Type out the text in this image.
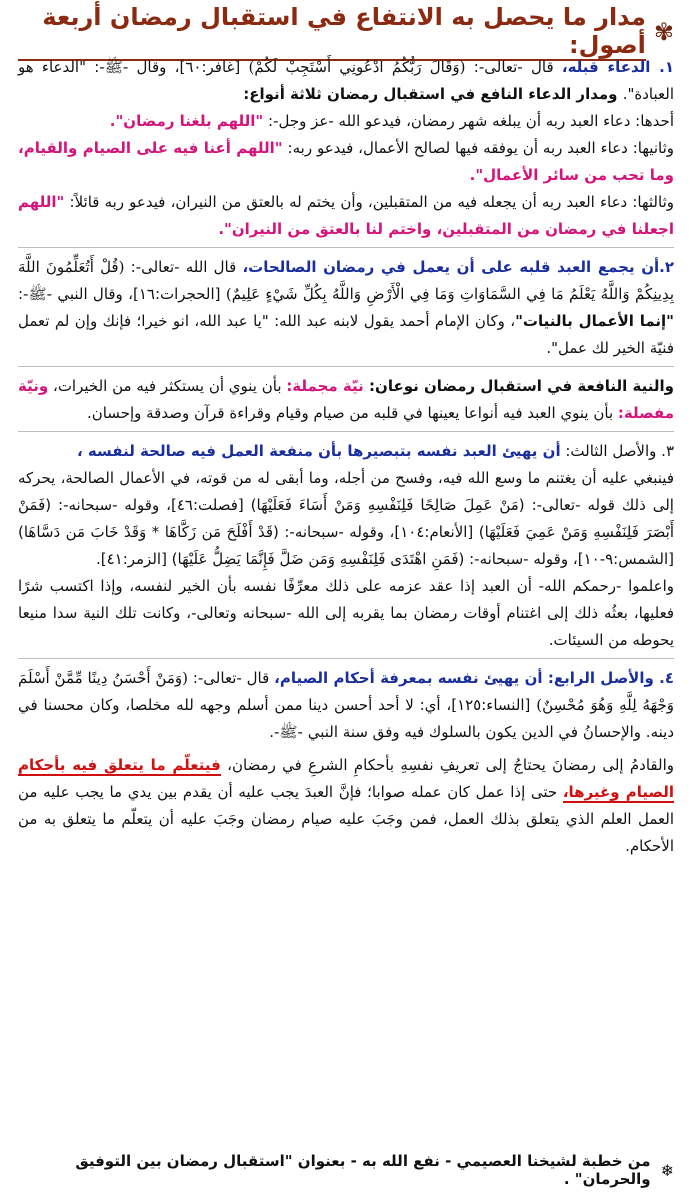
✾
مدار ما يحصل به الانتفاع في استقبال رمضان أربعة أصول:

١. الدعاء قبله، قال -تعالى-: (وَقَالَ رَبُّكُمُ ادْعُونِي أَسْتَجِبْ لَكُمْ) [غافر:٦٠]، وقال -ﷺ-: "الدعاء هو العبادة". ومدار الدعاء النافع في استقبال رمضان ثلاثة أنواع:

أحدها: دعاء العبد ربه أن يبلغه شهر رمضان، فيدعو الله -عز وجل-: "اللهم بلغنا رمضان".

وثانيها: دعاء العبد ربه أن يوفقه فيها لصالح الأعمال، فيدعو ربه: "اللهم أعنا فيه على الصيام والقيام، وما تحب من سائر الأعمال".

وثالثها: دعاء العبد ربه أن يجعله فيه من المتقبلين، وأن يختم له بالعتق من النيران، فيدعو ربه قائلاً: "اللهم اجعلنا في رمضان من المتقبلين، واختم لنا بالعتق من النيران".

٢.أن يجمع العبد قلبه على أن يعمل في رمضان الصالحات، قال الله -تعالى-: (قُلْ أَتُعَلِّمُونَ اللَّهَ بِدِينِكُمْ وَاللَّهُ يَعْلَمُ مَا فِي السَّمَاوَاتِ وَمَا فِي الْأَرْضِ وَاللَّهُ بِكُلِّ شَيْءٍ عَلِيمٌ) [الحجرات:١٦]، وقال النبي -ﷺ-: "إنما الأعمال بالنيات"، وكان الإمام أحمد يقول لابنه عبد الله: "يا عبد الله، انو خيرا؛ فإنك وإن لم تعمل فنيّة الخير لك عمل".

والنية النافعة في استقبال رمضان نوعان: نيّة مجملة: بأن ينوي أن يستكثر فيه من الخيرات، ونيّة مفصلة: بأن ينوي العبد فيه أنواعا يعينها في قلبه من صيام وقيام وقراءة قرآن وصدقة وإحسان.

٣. والأصل الثالث: أن يهيئ العبد نفسه بتبصيرها بأن منفعة العمل فيه صالحة لنفسه ،

فينبغي عليه أن يغتنم ما وسع الله فيه، وفسح من أجله، وما أبقى له من قوته، في الأعمال الصالحة، يحركه إلى ذلك قوله -تعالى-: (مَنْ عَمِلَ صَالِحًا فَلِنَفْسِهِ وَمَنْ أَسَاءَ فَعَلَيْهَا) [فصلت:٤٦]، وقوله -سبحانه-: (فَمَنْ أَبْصَرَ فَلِنَفْسِهِ وَمَنْ عَمِيَ فَعَلَيْهَا) [الأنعام:١٠٤]، وقوله -سبحانه-: (قَدْ أَفْلَحَ مَن زَكَّاهَا * وَقَدْ خَابَ مَن دَسَّاهَا) [الشمس:٩-١٠]، وقوله -سبحانه-: (فَمَنِ اهْتَدَى فَلِنَفْسِهِ وَمَن ضَلَّ فَإِنَّمَا يَضِلُّ عَلَيْهَا) [الزمر:٤١].

واعلموا -رحمكم الله- أن العبد إذا عقد عزمه على ذلك معرِّفًا نفسه بأن الخير لنفسه، وإذا اكتسب شرًا فعليها، بعثُه ذلك إلى اغتنام أوقات رمضان بما يقربه إلى الله -سبحانه وتعالى-، وكانت تلك النية سدا منيعا يحوطه من السيئات.

٤. والأصل الرابع: أن يهيئ نفسه بمعرفة أحكام الصيام، قال -تعالى-: (وَمَنْ أَحْسَنُ دِينًا مِّمَّنْ أَسْلَمَ وَجْهَهُ لِلَّهِ وَهُوَ مُحْسِنٌ) [النساء:١٢٥]، أي: لا أحد أحسن دينا ممن أسلم وجهه لله مخلصا، وكان محسنا في دينه. والإحسانُ في الدين يكون بالسلوك فيه وفق سنة النبي -ﷺ-.

والقادمُ إلى رمضانَ يحتاجُ إلى تعريفِ نفسِهِ بأحكامِ الشرعِ في رمضان، فيتعلّم ما يتعلق فيه بأحكام الصيام وغيرها، حتى إذا عمل كان عمله صوابا؛ فإنَّ العبدَ يجب عليه أن يقدم بين يدي ما يجب عليه من العمل العلم الذي يتعلق بذلك العمل، فمن وجَبَ عليه صيام رمضان وجَبَ عليه أن يتعلّم ما يتعلق به من الأحكام.

❄
من خطبة لشيخنا العصيمي - نفع الله به - بعنوان "استقبال رمضان بين التوفيق والحرمان" .
